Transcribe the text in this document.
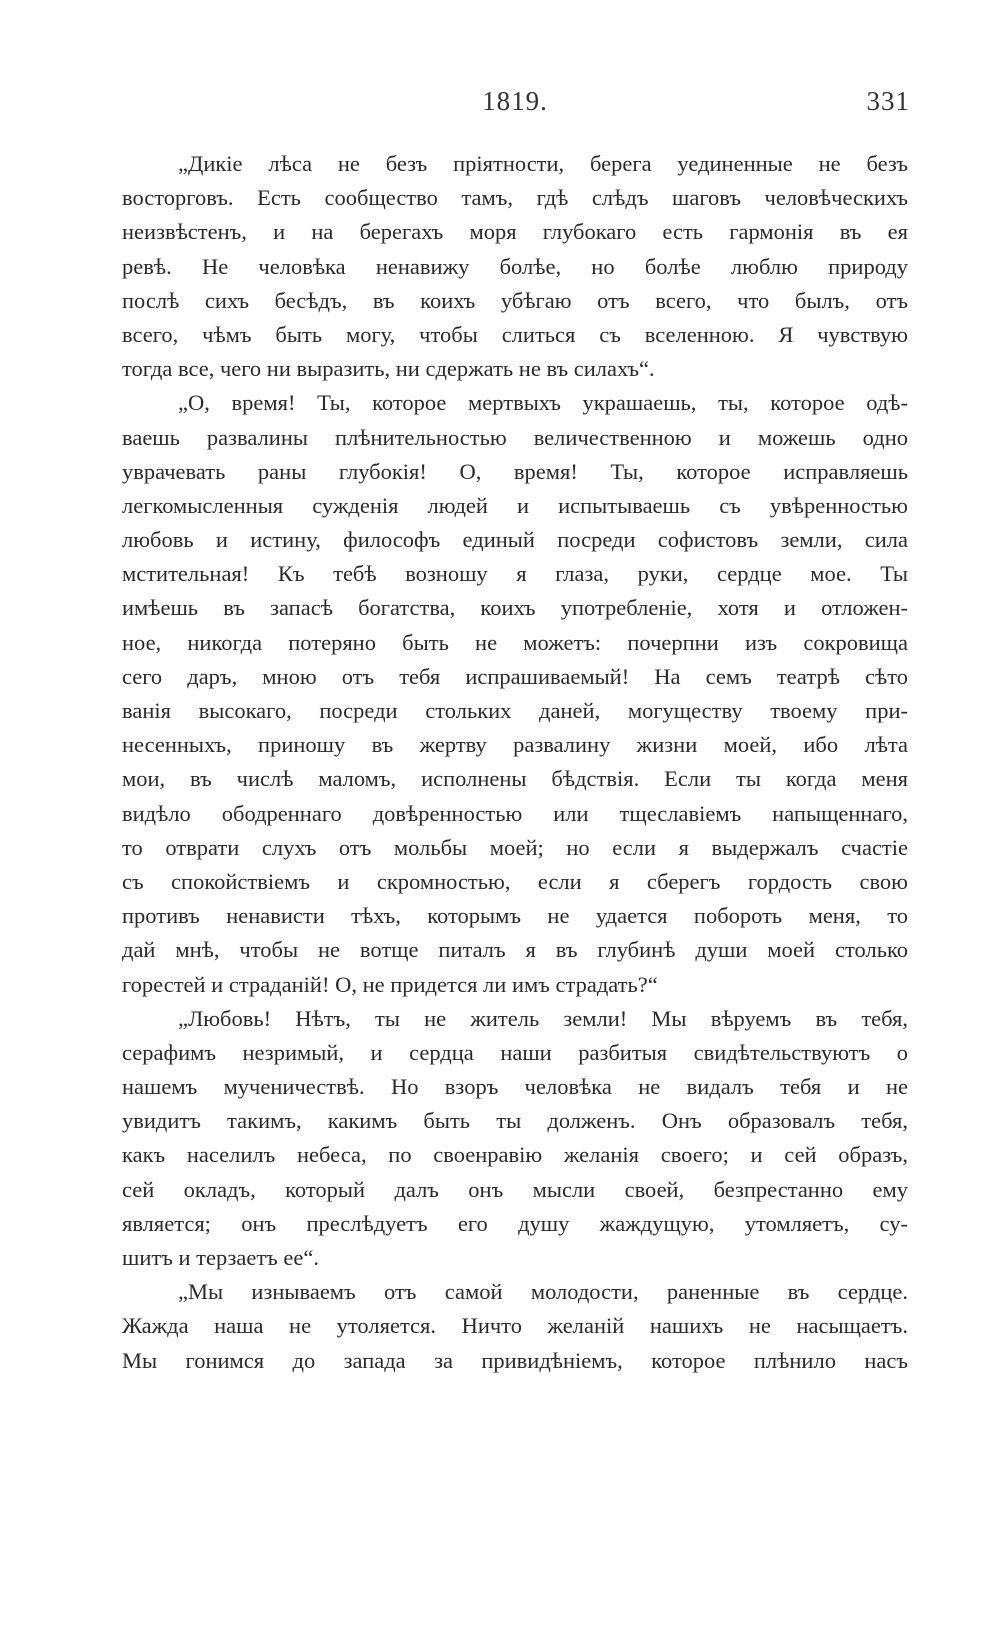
1819.	331

„Дикіе лѣса не безъ пріятности, берега уединенные не безъ
восторговъ. Есть сообщество тамъ, гдѣ слѣдъ шаговъ человѣческихъ
неизвѣстенъ, и на берегахъ моря глубокаго есть гармонія въ ея
ревѣ. Не человѣка ненавижу болѣе, но болѣе люблю природу
послѣ сихъ бесѣдъ, въ коихъ убѣгаю отъ всего, что былъ, отъ
всего, чѣмъ быть могу, чтобы слиться съ вселенною. Я чувствую
тогда все, чего ни выразить, ни сдержать не въ силахъ“.

„О, время! Ты, которое мертвыхъ украшаешь, ты, которое одѣ-
ваешь развалины плѣнительностью величественною и можешь одно
уврачевать раны глубокія! О, время! Ты, которое исправляешь
легкомысленныя сужденія людей и испытываешь съ увѣренностью
любовь и истину, философъ единый посреди софистовъ земли, сила
мстительная! Къ тебѣ возношу я глаза, руки, сердце мое. Ты
имѣешь въ запасѣ богатства, коихъ употребленіе, хотя и отложен-
ное, никогда потеряно быть не можетъ: почерпни изъ сокровища
сего даръ, мною отъ тебя испрашиваемый! На семъ театрѣ сѣто
ванія высокаго, посреди стольких даней, могуществу твоему при-
несенныхъ, приношу въ жертву развалину жизни моей, ибо лѣта
мои, въ числѣ маломъ, исполнены бѣдствія. Если ты когда меня
видѣло ободреннаго довѣренностью или тщеславіемъ напыщеннаго,
то отврати слухъ отъ мольбы моей; но если я выдержалъ счастіе
съ спокойствіемъ и скромностью, если я сберегъ гордость свою
противъ ненависти тѣхъ, которымъ не удается побороть меня, то
дай мнѣ, чтобы не вотще питалъ я въ глубинѣ души моей столько
горестей и страданій! О, не придется ли имъ страдать?“

„Любовь! Нѣтъ, ты не житель земли! Мы вѣруемъ въ тебя,
серафимъ незримый, и сердца наши разбитыя свидѣтельствуютъ о
нашемъ мученичествѣ. Но взоръ человѣка не видалъ тебя и не
увидитъ такимъ, какимъ быть ты долженъ. Онъ образовалъ тебя,
какъ населилъ небеса, по своенравію желанія своего; и сей образъ,
сей окладъ, который далъ онъ мысли своей, безпрестанно ему
является; онъ преслѣдуетъ его душу жаждущую, утомляетъ, су-
шитъ и терзаетъ ее“.

„Мы изнываемъ отъ самой молодости, раненные въ сердце.
Жажда наша не утоляется. Ничто желаній нашихъ не насыщаетъ.
Мы гонимся до запада за привидѣніемъ, которое плѣнило насъ
